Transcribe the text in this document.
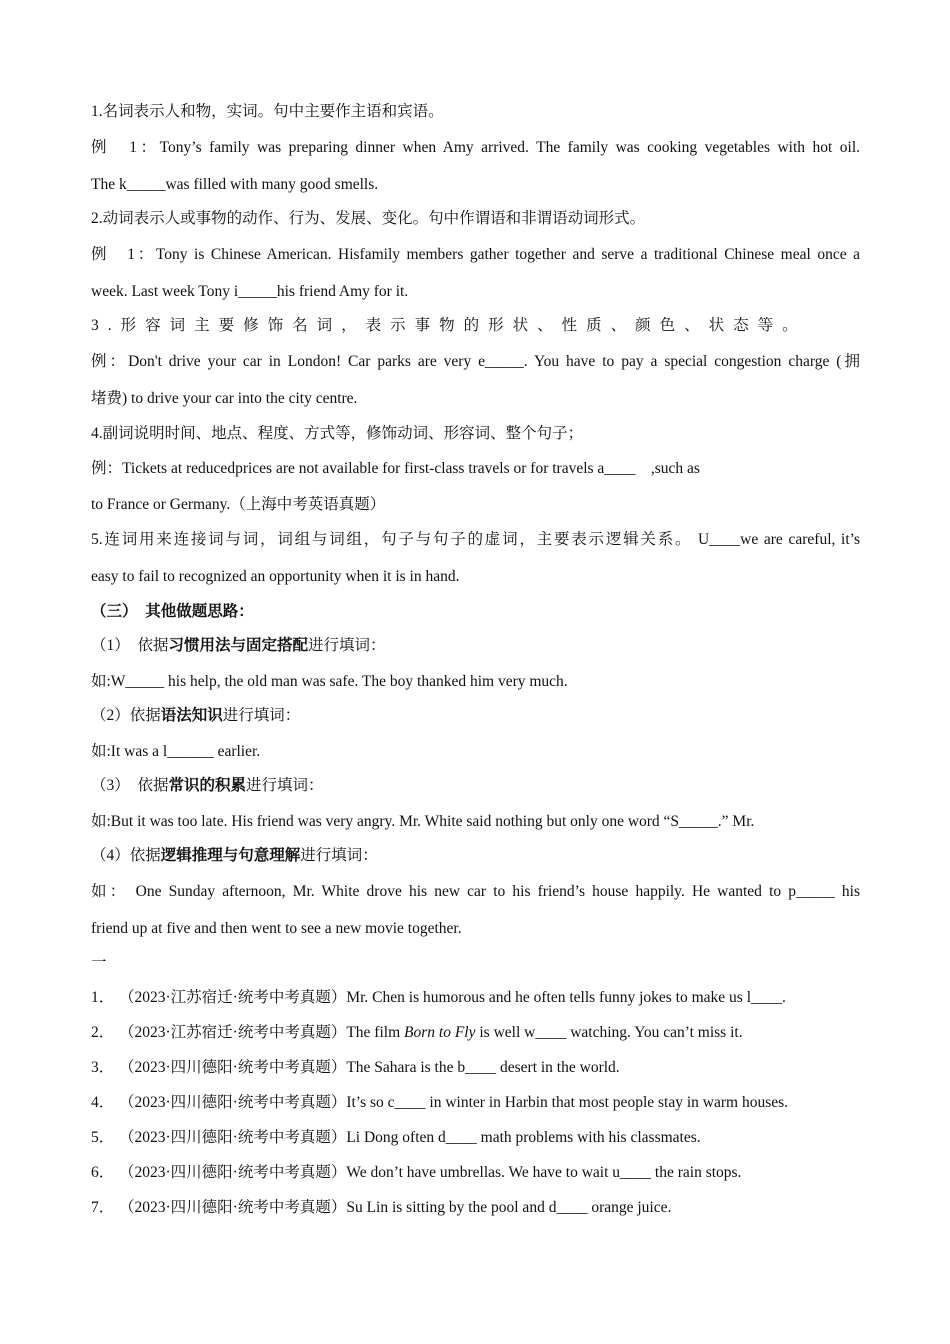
1.名词表示人和物，实词。句中主要作主语和宾语。
例　1：Tony’s family was preparing dinner when Amy arrived. The family was cooking vegetables with hot oil.
The k_____was filled with many good smells.
2.动词表示人或事物的动作、行为、发展、变化。句中作谓语和非谓语动词形式。
例　1：Tony is Chinese American. Hisfamily members gather together and serve a traditional Chinese meal once a
week. Last week Tony i_____his friend Amy for it.
3.形容词主要修饰名词，表示事物的形状、性质、颜色、状态等。
例：Don't drive your car in London! Car parks are very e_____. You have to pay a special congestion charge (拥
堵费) to drive your car into the city centre.
4.副词说明时间、地点、程度、方式等，修饰动词、形容词、整个句子；
例：Tickets at reducedprices are not available for first-class travels or for travels a____　,such as
to France or Germany.（上海中考英语真题）
5.连词用来连接词与词，词组与词组，句子与句子的虚词，主要表示逻辑关系。 U____we are careful, it’s
easy to fail to recognized an opportunity when it is in hand.
（三）　其他做题思路：
（1）　依据习惯用法与固定搭配进行填词：
如:W_____ his help, the old man was safe. The boy thanked him very much.
（2）依据语法知识进行填词：
如:It was a l______ earlier.
（3）　依据常识的积累进行填词：
如:But it was too late. His friend was very angry. Mr. White said nothing but only one word “S_____.” Mr.
（4）依据逻辑推理与句意理解进行填词：
如： One Sunday afternoon, Mr. White drove his new car to his friend’s house happily. He wanted to p_____ his
friend up at five and then went to see a new movie together.
一
1． （2023·江苏宿迁·统考中考真题）Mr. Chen is humorous and he often tells funny jokes to make us l____.
2． （2023·江苏宿迁·统考中考真题）The film Born to Fly is well w____ watching. You can’t miss it.
3． （2023·四川德阳·统考中考真题）The Sahara is the b____ desert in the world.
4． （2023·四川德阳·统考中考真题）It’s so c____ in winter in Harbin that most people stay in warm houses.
5． （2023·四川德阳·统考中考真题）Li Dong often d____ math problems with his classmates.
6． （2023·四川德阳·统考中考真题）We don’t have umbrellas. We have to wait u____ the rain stops.
7． （2023·四川德阳·统考中考真题）Su Lin is sitting by the pool and d____ orange juice.
